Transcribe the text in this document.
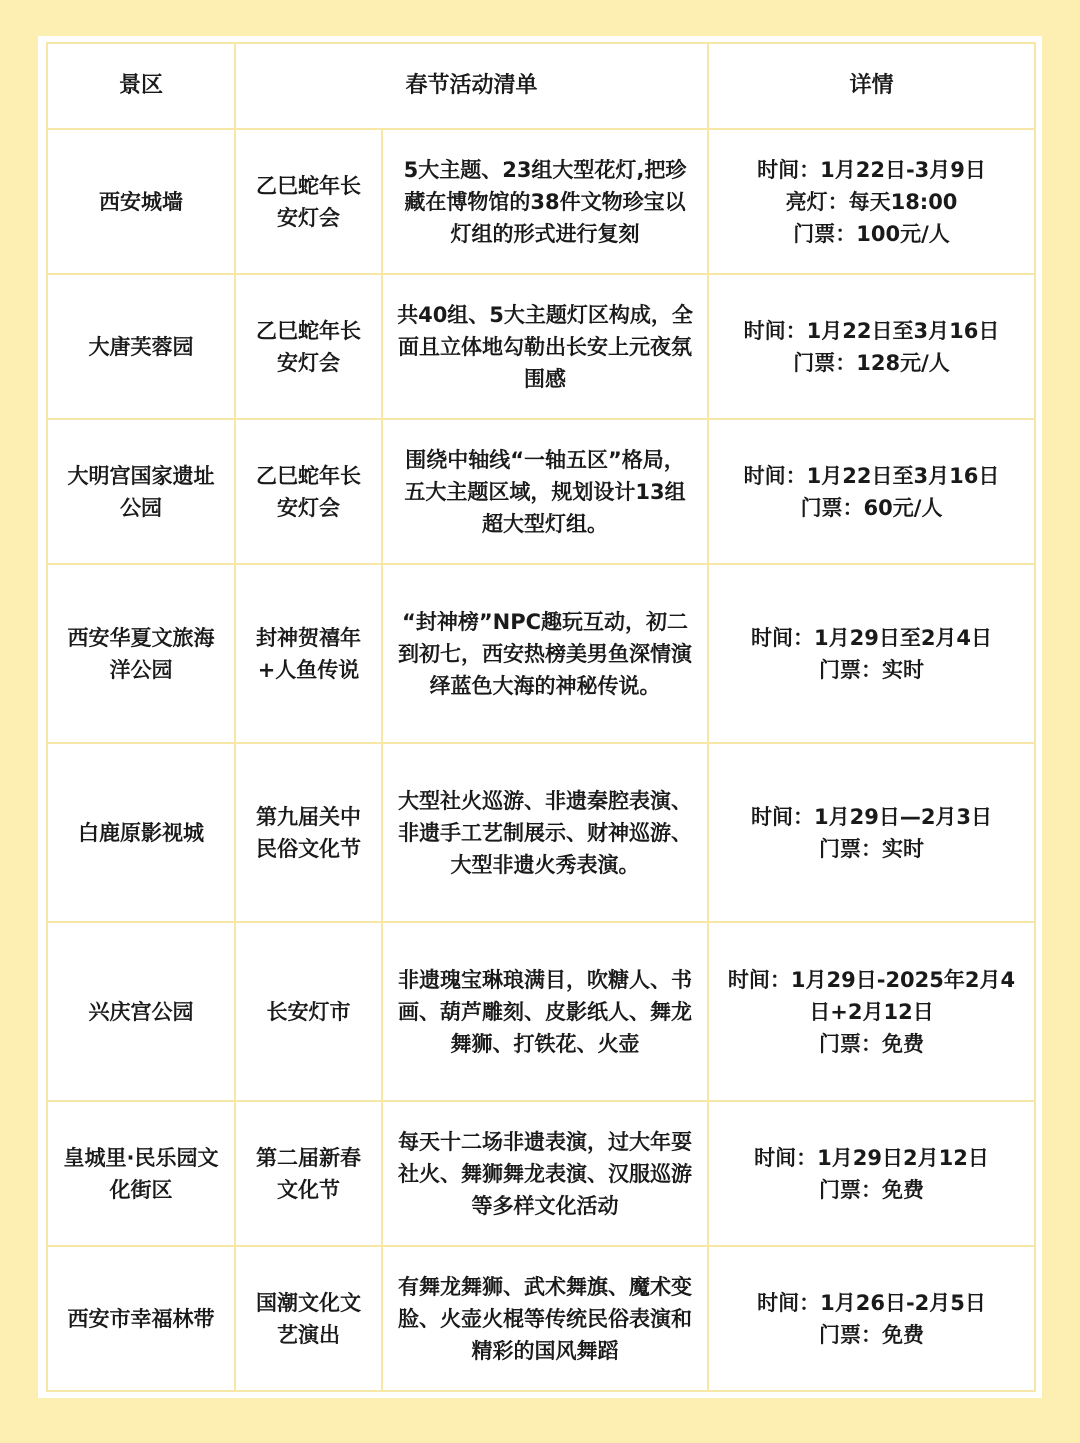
景区	春节活动清单		详情
西安城墙	乙巳蛇年长安灯会	5大主题、23组大型花灯,把珍藏在博物馆的38件文物珍宝以灯组的形式进行复刻	时间：1月22日-3月9日
亮灯：每天18:00
门票：100元/人

大唐芙蓉园	乙巳蛇年长安灯会	共40组、5大主题灯区构成，全面且立体地勾勒出长安上元夜氛围感	时间：1月22日至3月16日
门票：128元/人

大明宫国家遗址公园	乙巳蛇年长安灯会	围绕中轴线“一轴五区”格局，五大主题区域，规划设计13组超大型灯组。	时间：1月22日至3月16日
门票：60元/人

西安华夏文旅海洋公园	封神贺禧年+人鱼传说	“封神榜”NPC趣玩互动，初二到初七，西安热榜美男鱼深情演绎蓝色大海的神秘传说。	时间：1月29日至2月4日
门票：实时

白鹿原影视城	第九届关中民俗文化节	大型社火巡游、非遗秦腔表演、非遗手工艺制展示、财神巡游、大型非遗火秀表演。	时间：1月29日—2月3日
门票：实时

兴庆宫公园	长安灯市	非遗瑰宝琳琅满目，吹糖人、书画、葫芦雕刻、皮影纸人、舞龙舞狮、打铁花、火壶	时间：1月29日-2025年2月4日+2月12日
门票：免费

皇城里·民乐园文化街区	第二届新春文化节	每天十二场非遗表演，过大年耍社火、舞狮舞龙表演、汉服巡游等多样文化活动	时间：1月29日2月12日
门票：免费

西安市幸福林带	国潮文化文艺演出	有舞龙舞狮、武术舞旗、魔术变脸、火壶火棍等传统民俗表演和精彩的国风舞蹈	时间：1月26日-2月5日
门票：免费
